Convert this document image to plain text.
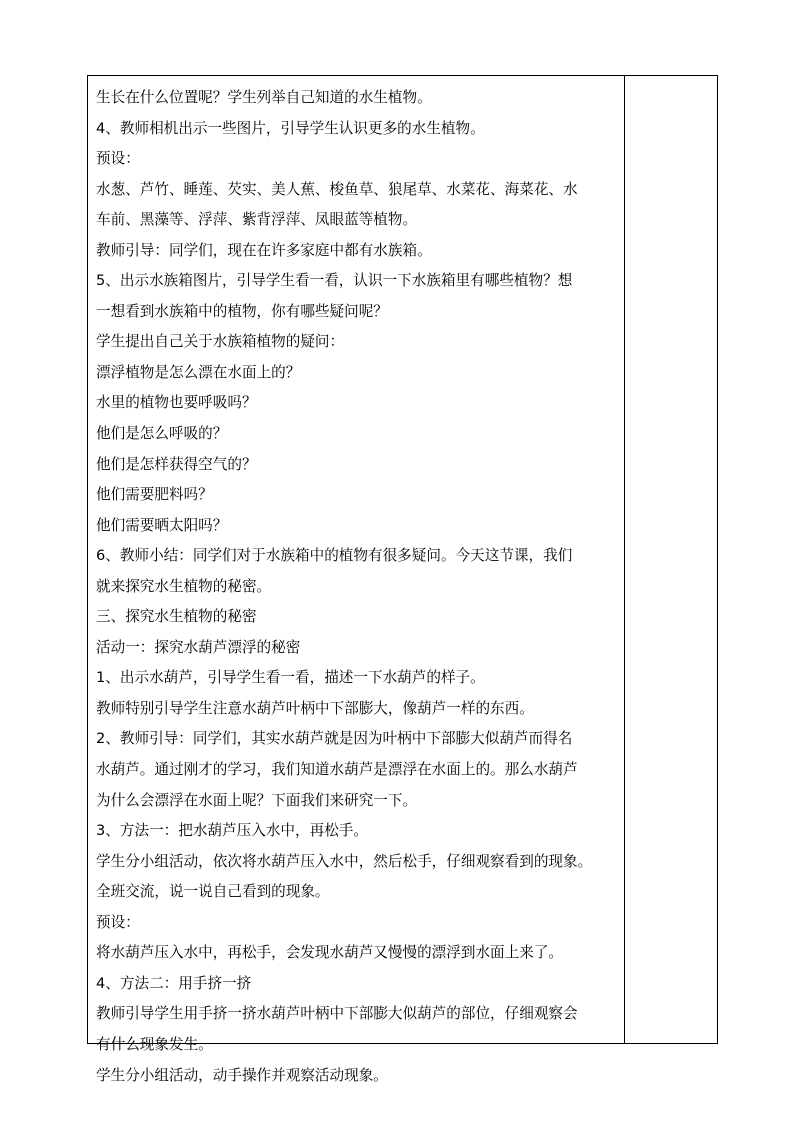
生长在什么位置呢？学生列举自己知道的水生植物。
4、教师相机出示一些图片，引导学生认识更多的水生植物。
预设：
水葱、芦竹、睡莲、芡实、美人蕉、梭鱼草、狼尾草、水菜花、海菜花、水
车前、黑藻等、浮萍、紫背浮萍、凤眼蓝等植物。
教师引导：同学们，现在在许多家庭中都有水族箱。
5、出示水族箱图片，引导学生看一看，认识一下水族箱里有哪些植物？想
一想看到水族箱中的植物，你有哪些疑问呢？
学生提出自己关于水族箱植物的疑问：
漂浮植物是怎么漂在水面上的？
水里的植物也要呼吸吗？
他们是怎么呼吸的？
他们是怎样获得空气的？
他们需要肥料吗？
他们需要晒太阳吗？
6、教师小结：同学们对于水族箱中的植物有很多疑问。今天这节课，我们
就来探究水生植物的秘密。
三、探究水生植物的秘密
活动一：探究水葫芦漂浮的秘密
1、出示水葫芦，引导学生看一看，描述一下水葫芦的样子。
教师特别引导学生注意水葫芦叶柄中下部膨大，像葫芦一样的东西。
2、教师引导：同学们，其实水葫芦就是因为叶柄中下部膨大似葫芦而得名
水葫芦。通过刚才的学习，我们知道水葫芦是漂浮在水面上的。那么水葫芦
为什么会漂浮在水面上呢？下面我们来研究一下。
3、方法一：把水葫芦压入水中，再松手。
学生分小组活动，依次将水葫芦压入水中，然后松手，仔细观察看到的现象。
全班交流，说一说自己看到的现象。
预设：
将水葫芦压入水中，再松手，会发现水葫芦又慢慢的漂浮到水面上来了。
4、方法二：用手挤一挤
教师引导学生用手挤一挤水葫芦叶柄中下部膨大似葫芦的部位，仔细观察会
有什么现象发生。
学生分小组活动，动手操作并观察活动现象。
